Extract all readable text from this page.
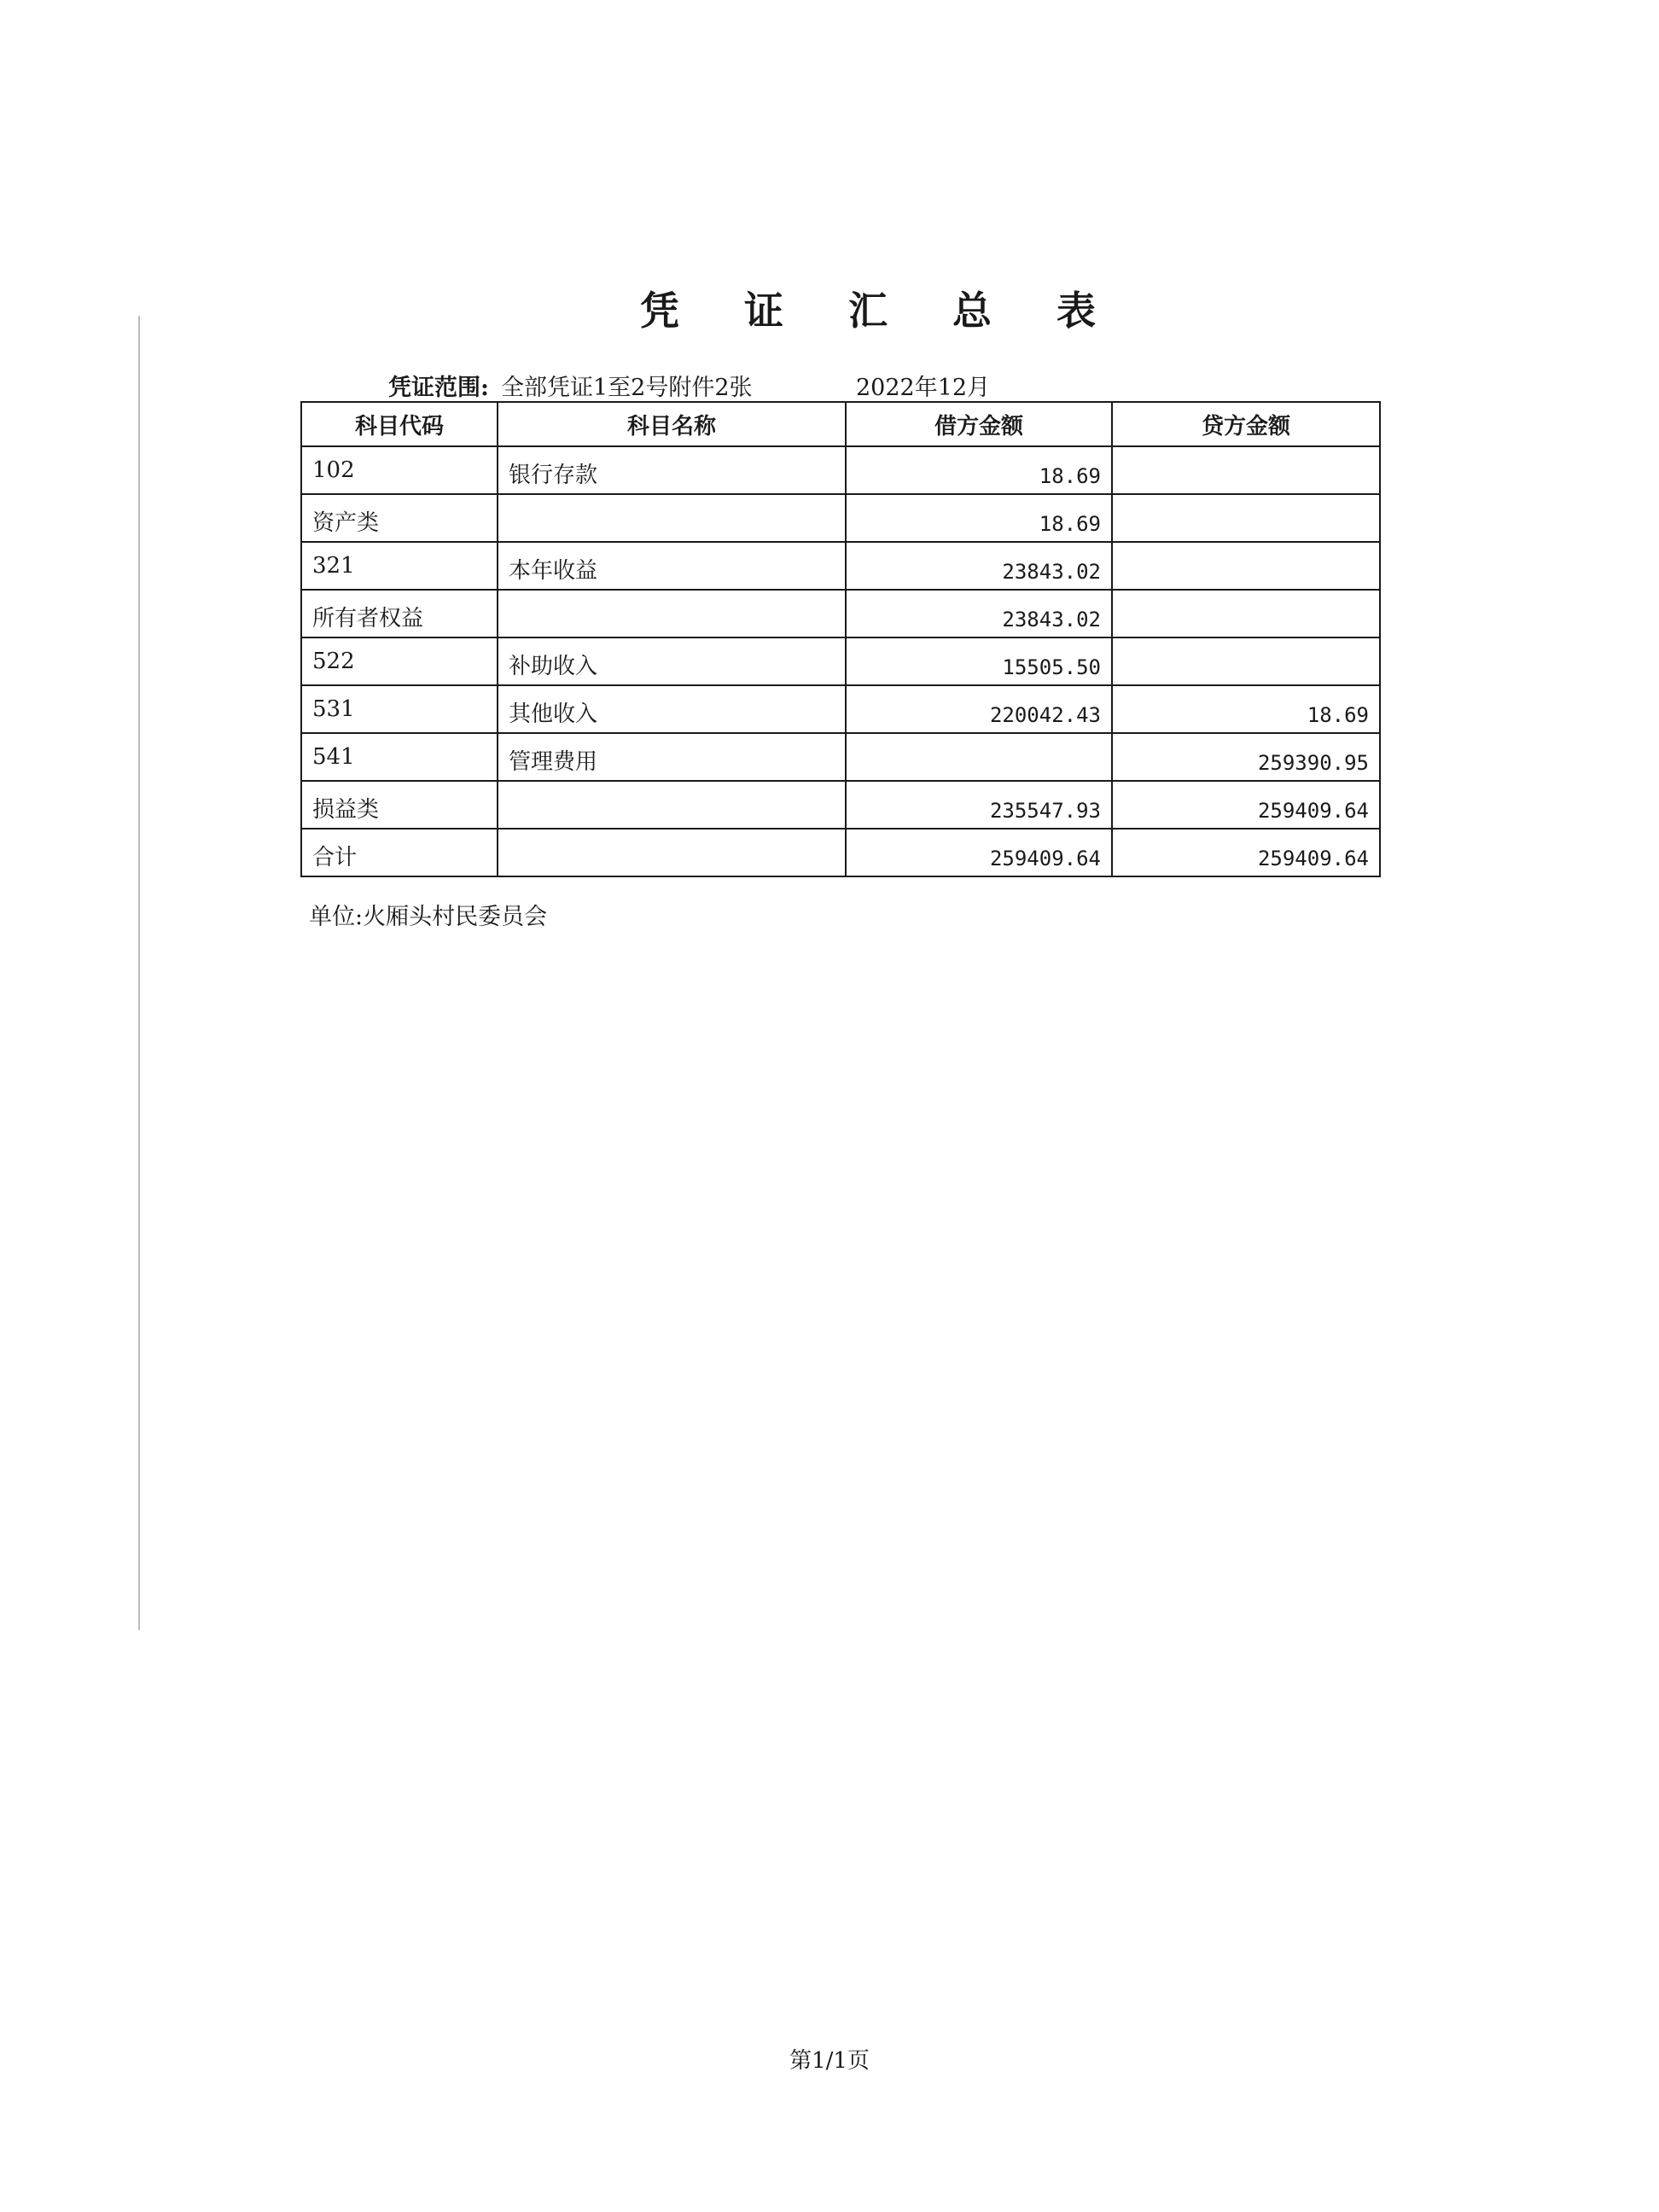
凭 证 汇 总 表
凭证范围: 全部凭证1至2号附件2张	2022年12月
科目代码	科目名称	借方金额	贷方金额
102	银行存款	18.69	
资产类		18.69	
321	本年收益	23843.02	
所有者权益		23843.02	
522	补助收入	15505.50	
531	其他收入	220042.43	18.69
541	管理费用		259390.95
损益类		235547.93	259409.64
合计		259409.64	259409.64
单位:火厢头村民委员会
第1/1页
